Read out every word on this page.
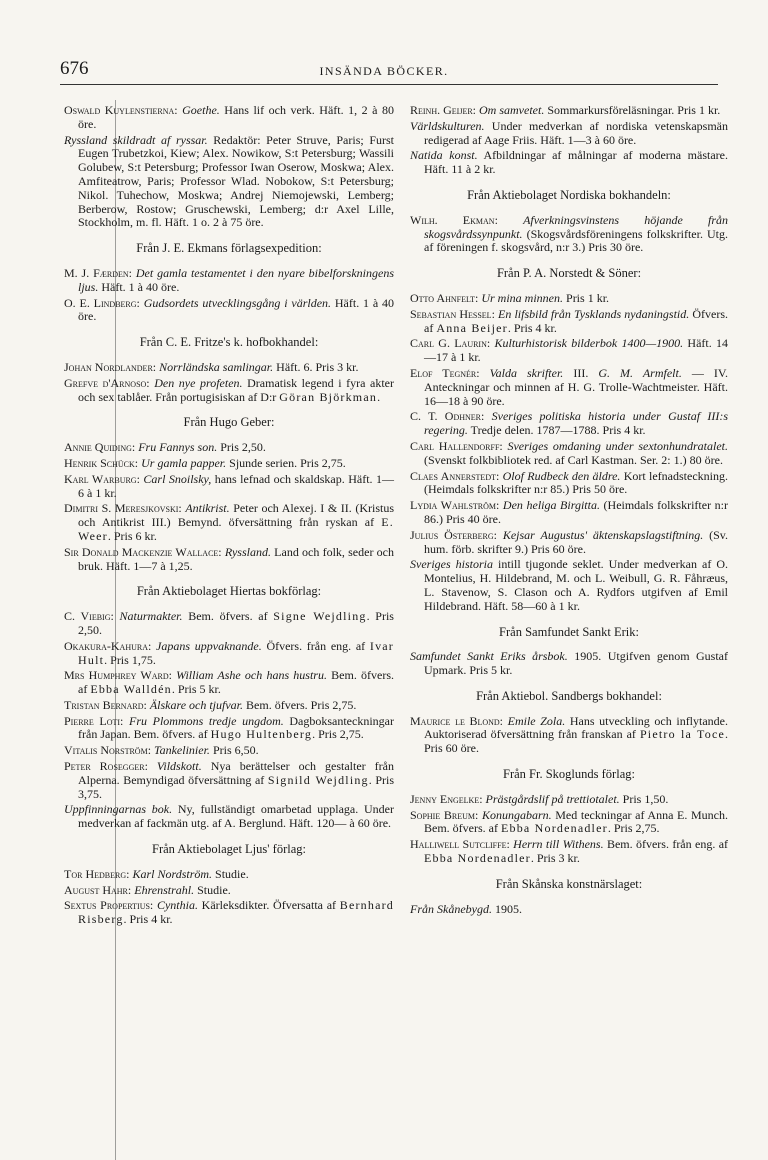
676	INSÄNDA BÖCKER.

Oswald Kuylenstierna: Goethe. Hans lif och verk. Häft. 1, 2 à 80 öre.

Ryssland skildradt af ryssar. Redaktör: Peter Struve, Paris; Furst Eugen Trubetzkoi, Kiew; Alex. Nowikow, S:t Petersburg; Wassili Golubew, S:t Petersburg; Professor Iwan Oserow, Moskwa; Alex. Amfiteatrow, Paris; Professor Wlad. Nobokow, S:t Petersburg; Nikol. Tuhechow, Moskwa; Andrej Niemojewski, Lemberg; Berberow, Rostow; Gruschewski, Lemberg; d:r Axel Lille, Stockholm, m. fl. Häft. 1 o. 2 à 75 öre.

Från J. E. Ekmans förlagsexpedition:

M. J. Færden: Det gamla testamentet i den nyare bibelforskningens ljus. Häft. 1 à 40 öre.

O. E. Lindberg: Gudsordets utvecklingsgång i världen. Häft. 1 à 40 öre.

Från C. E. Fritze's k. hofbokhandel:

Johan Nordlander: Norrländska samlingar. Häft. 6. Pris 3 kr.

Grefve d'Arnoso: Den nye profeten. Dramatisk legend i fyra akter och sex tablåer. Från portugisiskan af D:r Göran Björkman.

Från Hugo Geber:

Annie Quiding: Fru Fannys son. Pris 2,50.

Henrik Schück: Ur gamla papper. Sjunde serien. Pris 2,75.

Karl Warburg: Carl Snoilsky, hans lefnad och skaldskap. Häft. 1—6 à 1 kr.

Dimitri S. Meresjkovski: Antikrist. Peter och Alexej. I & II. (Kristus och Antikrist III.) Bemynd. öfversättning från ryskan af E. Weer. Pris 6 kr.

Sir Donald Mackenzie Wallace: Ryssland. Land och folk, seder och bruk. Häft. 1—7 à 1,25.

Från Aktiebolaget Hiertas bokförlag:

C. Viebig: Naturmakter. Bem. öfvers. af Signe Wejdling. Pris 2,50.

Okakura-Kahura: Japans uppvaknande. Öfvers. från eng. af Ivar Hult. Pris 1,75.

Mrs Humphrey Ward: William Ashe och hans hustru. Bem. öfvers. af Ebba Walldén. Pris 5 kr.

Tristan Bernard: Älskare och tjufvar. Bem. öfvers. Pris 2,75.

Pierre Loti: Fru Plommons tredje ungdom. Dagboksanteckningar från Japan. Bem. öfvers. af Hugo Hultenberg. Pris 2,75.

Vitalis Norström: Tankelinier. Pris 6,50.

Peter Rosegger: Vildskott. Nya berättelser och gestalter från Alperna. Bemyndigad öfversättning af Signild Wejdling. Pris 3,75.

Uppfinningarnas bok. Ny, fullständigt omarbetad upplaga. Under medverkan af fackmän utg. af A. Berglund. Häft. 120— à 60 öre.

Från Aktiebolaget Ljus' förlag:

Tor Hedberg: Karl Nordström. Studie.

August Hahr: Ehrenstrahl. Studie.

Sextus Propertius: Cynthia. Kärleksdikter. Öfversatta af Bernhard Risberg. Pris 4 kr.

Reinh. Geijer: Om samvetet. Sommarkursföreläsningar. Pris 1 kr.

Världskulturen. Under medverkan af nordiska vetenskapsmän redigerad af Aage Friis. Häft. 1—3 à 60 öre.

Natida konst. Afbildningar af målningar af moderna mästare. Häft. 11 à 2 kr.

Från Aktiebolaget Nordiska bokhandeln:

Wilh. Ekman: Afverkningsvinstens höjande från skogsvårdssynpunkt. (Skogsvårdsföreningens folkskrifter. Utg. af föreningen f. skogsvård, n:r 3.) Pris 30 öre.

Från P. A. Norstedt & Söner:

Otto Ahnfelt: Ur mina minnen. Pris 1 kr.

Sebastian Hessel: En lifsbild från Tysklands nydaningstid. Öfvers. af Anna Beijer. Pris 4 kr.

Carl G. Laurin: Kulturhistorisk bilderbok 1400—1900. Häft. 14—17 à 1 kr.

Elof Tegnér: Valda skrifter. III. G. M. Armfelt. — IV. Anteckningar och minnen af H. G. Trolle-Wachtmeister. Häft. 16—18 à 90 öre.

C. T. Odhner: Sveriges politiska historia under Gustaf III:s regering. Tredje delen. 1787—1788. Pris 4 kr.

Carl Hallendorff: Sveriges omdaning under sextonhundratalet. (Svenskt folkbibliotek red. af Carl Kastman. Ser. 2: 1.) 80 öre.

Claes Annerstedt: Olof Rudbeck den äldre. Kort lefnadsteckning. (Heimdals folkskrifter n:r 85.) Pris 50 öre.

Lydia Wahlström: Den heliga Birgitta. (Heimdals folkskrifter n:r 86.) Pris 40 öre.

Julius Österberg: Kejsar Augustus' äktenskapslagstiftning. (Sv. hum. förb. skrifter 9.) Pris 60 öre.

Sveriges historia intill tjugonde seklet. Under medverkan af O. Montelius, H. Hildebrand, M. och L. Weibull, G. R. Fåhræus, L. Stavenow, S. Clason och A. Rydfors utgifven af Emil Hildebrand. Häft. 58—60 à 1 kr.

Från Samfundet Sankt Erik:

Samfundet Sankt Eriks årsbok. 1905. Utgifven genom Gustaf Upmark. Pris 5 kr.

Från Aktiebol. Sandbergs bokhandel:

Maurice le Blond: Emile Zola. Hans utveckling och inflytande. Auktoriserad öfversättning från franskan af Pietro la Toce. Pris 60 öre.

Från Fr. Skoglunds förlag:

Jenny Engelke: Prästgårdslif på trettiotalet. Pris 1,50.

Sophie Breum: Konungabarn. Med teckningar af Anna E. Munch. Bem. öfvers. af Ebba Nordenadler. Pris 2,75.

Halliwell Sutcliffe: Herrn till Withens. Bem. öfvers. från eng. af Ebba Nordenadler. Pris 3 kr.

Från Skånska konstnärslaget:

Från Skånebygd. 1905.
